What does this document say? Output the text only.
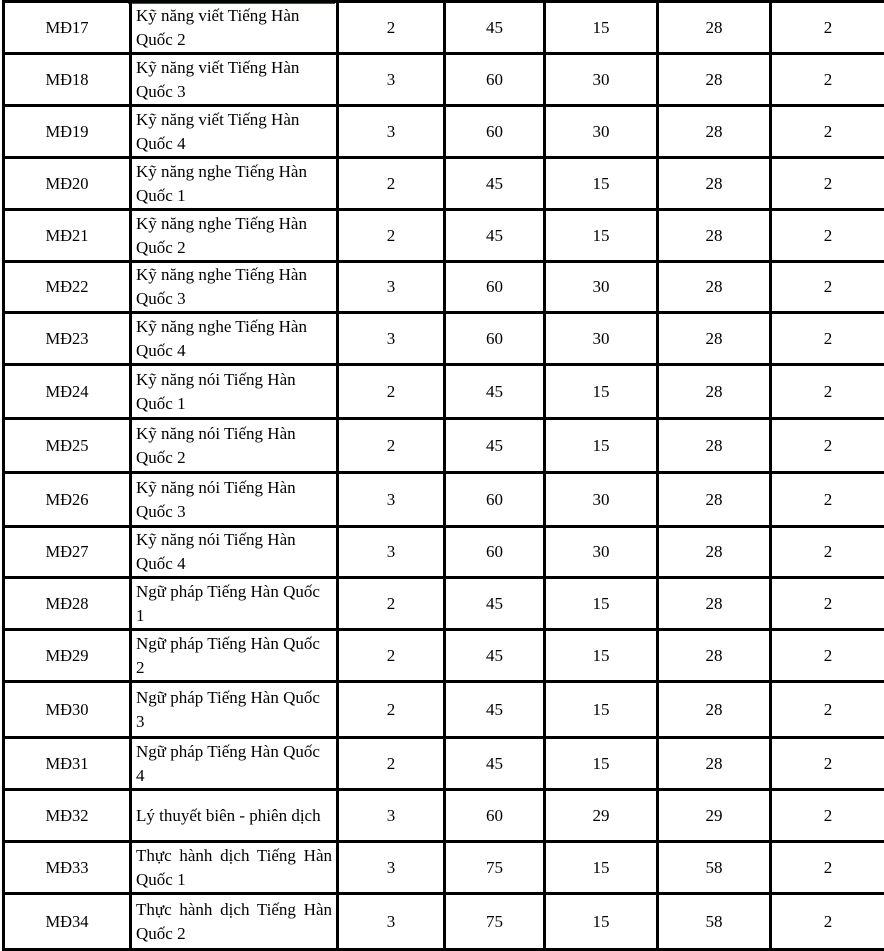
MĐ17	Kỹ năng viết Tiếng Hàn Quốc 2	2	45	15	28	2
MĐ18	Kỹ năng viết Tiếng Hàn Quốc 3	3	60	30	28	2
MĐ19	Kỹ năng viết Tiếng Hàn Quốc 4	3	60	30	28	2
MĐ20	Kỹ năng nghe Tiếng Hàn Quốc 1	2	45	15	28	2
MĐ21	Kỹ năng nghe Tiếng Hàn Quốc 2	2	45	15	28	2
MĐ22	Kỹ năng nghe Tiếng Hàn Quốc 3	3	60	30	28	2
MĐ23	Kỹ năng nghe Tiếng Hàn Quốc 4	3	60	30	28	2
MĐ24	Kỹ năng nói Tiếng Hàn Quốc 1	2	45	15	28	2
MĐ25	Kỹ năng nói Tiếng Hàn Quốc 2	2	45	15	28	2
MĐ26	Kỹ năng nói Tiếng Hàn Quốc 3	3	60	30	28	2
MĐ27	Kỹ năng nói Tiếng Hàn Quốc 4	3	60	30	28	2
MĐ28	Ngữ pháp Tiếng Hàn Quốc 1	2	45	15	28	2
MĐ29	Ngữ pháp Tiếng Hàn Quốc 2	2	45	15	28	2
MĐ30	Ngữ pháp Tiếng Hàn Quốc 3	2	45	15	28	2
MĐ31	Ngữ pháp Tiếng Hàn Quốc 4	2	45	15	28	2
MĐ32	Lý thuyết biên - phiên dịch	3	60	29	29	2
MĐ33	Thực hành dịch Tiếng Hàn Quốc 1	3	75	15	58	2
MĐ34	Thực hành dịch Tiếng Hàn Quốc 2	3	75	15	58	2
